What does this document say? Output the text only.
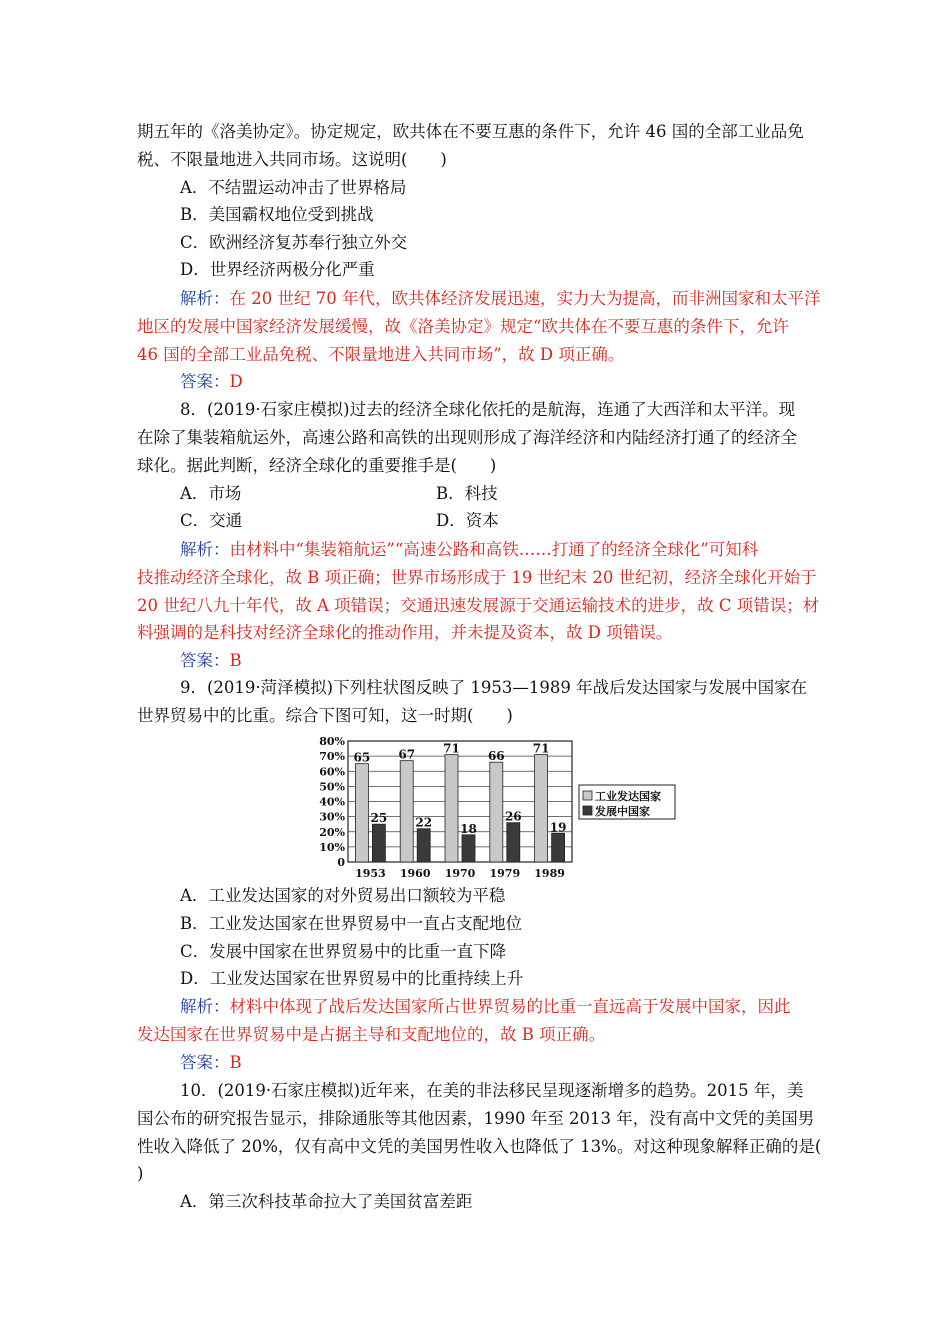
期五年的《洛美协定》。协定规定，欧共体在不要互惠的条件下，允许 46 国的全部工业品免
税、不限量地进入共同市场。这说明(　　)
A．不结盟运动冲击了世界格局
B．美国霸权地位受到挑战
C．欧洲经济复苏奉行独立外交
D．世界经济两极分化严重
解析：在 20 世纪 70 年代，欧共体经济发展迅速，实力大为提高，而非洲国家和太平洋
地区的发展中国家经济发展缓慢，故《洛美协定》规定“欧共体在不要互惠的条件下，允许
46 国的全部工业品免税、不限量地进入共同市场”，故 D 项正确。
答案：D
8．(2019·石家庄模拟)过去的经济全球化依托的是航海，连通了大西洋和太平洋。现
在除了集装箱航运外，高速公路和高铁的出现则形成了海洋经济和内陆经济打通了的经济全
球化。据此判断，经济全球化的重要推手是(　　)
A．市场	B．科技
C．交通	D．资本
解析：由材料中“集装箱航运”“高速公路和高铁……打通了的经济全球化”可知科
技推动经济全球化，故 B 项正确；世界市场形成于 19 世纪末 20 世纪初，经济全球化开始于
20 世纪八九十年代，故 A 项错误；交通迅速发展源于交通运输技术的进步，故 C 项错误；材
料强调的是科技对经济全球化的推动作用，并未提及资本，故 D 项错误。
答案：B
9．(2019·菏泽模拟)下列柱状图反映了 1953—1989 年战后发达国家与发展中国家在
世界贸易中的比重。综合下图可知，这一时期(　　)
0
10%
20%
30%
40%
50%
60%
70%
80%
65
25
1953
67
22
1960
71
18
1970
66
26
1979
71
19
1989
工业发达国家
发展中国家
A．工业发达国家的对外贸易出口额较为平稳
B．工业发达国家在世界贸易中一直占支配地位
C．发展中国家在世界贸易中的比重一直下降
D．工业发达国家在世界贸易中的比重持续上升
解析：材料中体现了战后发达国家所占世界贸易的比重一直远高于发展中国家，因此
发达国家在世界贸易中是占据主导和支配地位的，故 B 项正确。
答案：B
10．(2019·石家庄模拟)近年来，在美的非法移民呈现逐渐增多的趋势。2015 年，美
国公布的研究报告显示，排除通胀等其他因素，1990 年至 2013 年，没有高中文凭的美国男
性收入降低了 20%，仅有高中文凭的美国男性收入也降低了 13%。对这种现象解释正确的是(
)
A．第三次科技革命拉大了美国贫富差距
